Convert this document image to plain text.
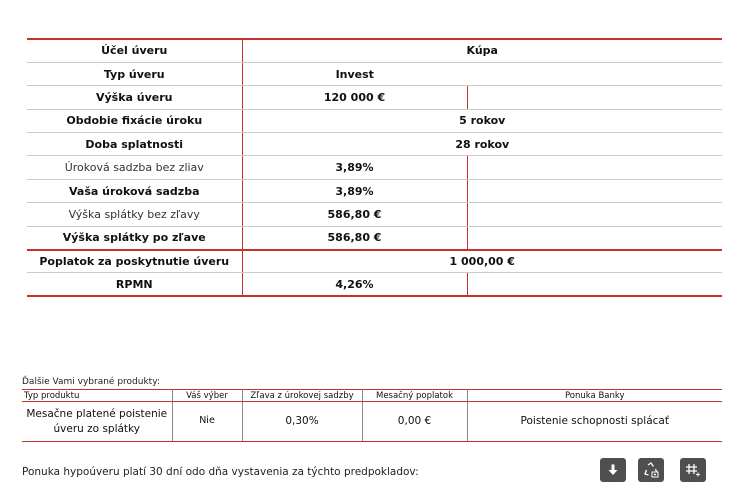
Účel úveru	Kúpa	
Typ úveru	Invest	
Výška úveru	120 000 €	
Obdobie fixácie úroku	5 rokov	
Doba splatnosti	28 rokov	
Úroková sadzba bez zliav	3,89%	
Vaša úroková sadzba	3,89%	
Výška splátky bez zľavy	586,80 €	
Výška splátky po zľave	586,80 €	
Poplatok za poskytnutie úveru	1 000,00 €	
RPMN	4,26%	
Ďalšie Vami vybrané produkty:
Typ produktu	Váš výber	Zľava z úrokovej sadzby	Mesačný poplatok	Ponuka Banky
Mesačne platené poistenie úveru zo splátky	Nie	0,30%	0,00 €	Poistenie schopnosti splácať
Ponuka hypoúveru platí 30 dní odo dňa vystavenia za týchto predpokladov:
